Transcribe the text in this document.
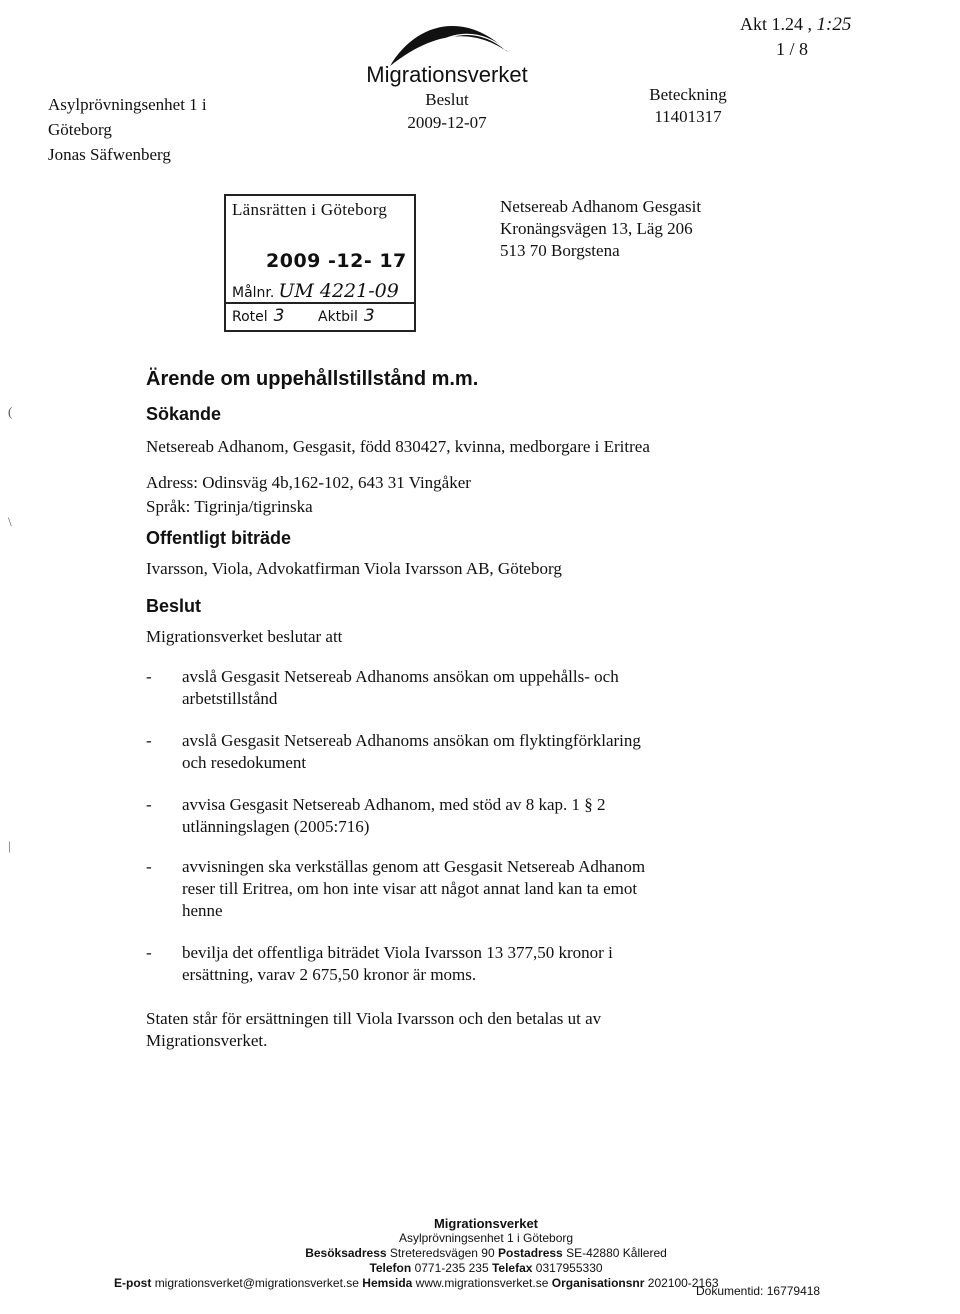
Asylprövningsenhet 1 i
Göteborg
Jonas Säfwenberg
Migrationsverket
Beslut
2009-12-07
Beteckning
11401317
Akt 1.24 , 1:25
1 / 8
Länsrätten i Göteborg
2009 -12- 17
Målnr. UM 4221-09
Rotel 3 Aktbil 3
Netsereab Adhanom Gesgasit
Kronängsvägen 13, Läg 206
513 70 Borgstena
(
\
|
Ärende om uppehållstillstånd m.m.
Sökande
Netsereab Adhanom, Gesgasit, född 830427, kvinna, medborgare i Eritrea
Adress: Odinsväg 4b,162-102, 643 31 Vingåker
Språk: Tigrinja/tigrinska
Offentligt biträde
Ivarsson, Viola, Advokatfirman Viola Ivarsson AB, Göteborg
Beslut
Migrationsverket beslutar att
- avslå Gesgasit Netsereab Adhanoms ansökan om uppehålls- och
arbetstillstånd
- avslå Gesgasit Netsereab Adhanoms ansökan om flyktingförklaring
och resedokument
- avvisa Gesgasit Netsereab Adhanom, med stöd av 8 kap. 1 § 2
utlänningslagen (2005:716)
- avvisningen ska verkställas genom att Gesgasit Netsereab Adhanom
reser till Eritrea, om hon inte visar att något annat land kan ta emot
henne
- bevilja det offentliga biträdet Viola Ivarsson 13 377,50 kronor i
ersättning, varav 2 675,50 kronor är moms.
Staten står för ersättningen till Viola Ivarsson och den betalas ut av
Migrationsverket.
Migrationsverket
Asylprövningsenhet 1 i Göteborg
Besöksadress Streteredsvägen 90 Postadress SE-42880 Kållered
Telefon 0771-235 235 Telefax 0317955330
E-post migrationsverket@migrationsverket.se Hemsida www.migrationsverket.se Organisationsnr 202100-2163
Dokumentid: 16779418
